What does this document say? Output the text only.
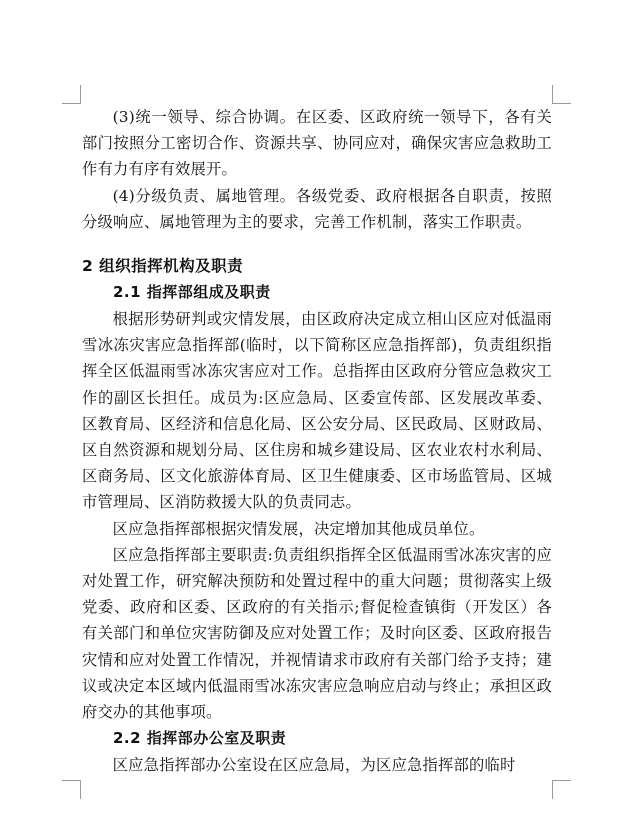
(3)统一领导、综合协调。在区委、区政府统一领导下，各有关部门按照分工密切合作、资源共享、协同应对，确保灾害应急救助工作有力有序有效展开。

(4)分级负责、属地管理。各级党委、政府根据各自职责，按照分级响应、属地管理为主的要求，完善工作机制，落实工作职责。

2 组织指挥机构及职责
2.1 指挥部组成及职责

根据形势研判或灾情发展，由区政府决定成立相山区应对低温雨雪冰冻灾害应急指挥部(临时，以下简称区应急指挥部)，负责组织指挥全区低温雨雪冰冻灾害应对工作。总指挥由区政府分管应急救灾工作的副区长担任。成员为:区应急局、区委宣传部、区发展改革委、区教育局、区经济和信息化局、区公安分局、区民政局、区财政局、区自然资源和规划分局、区住房和城乡建设局、区农业农村水利局、区商务局、区文化旅游体育局、区卫生健康委、区市场监管局、区城市管理局、区消防救援大队的负责同志。

区应急指挥部根据灾情发展，决定增加其他成员单位。

区应急指挥部主要职责:负责组织指挥全区低温雨雪冰冻灾害的应对处置工作，研究解决预防和处置过程中的重大问题；贯彻落实上级党委、政府和区委、区政府的有关指示;督促检查镇街（开发区）各有关部门和单位灾害防御及应对处置工作；及时向区委、区政府报告灾情和应对处置工作情况，并视情请求市政府有关部门给予支持；建议或决定本区域内低温雨雪冰冻灾害应急响应启动与终止；承担区政府交办的其他事项。

2.2 指挥部办公室及职责

区应急指挥部办公室设在区应急局，为区应急指挥部的临时
